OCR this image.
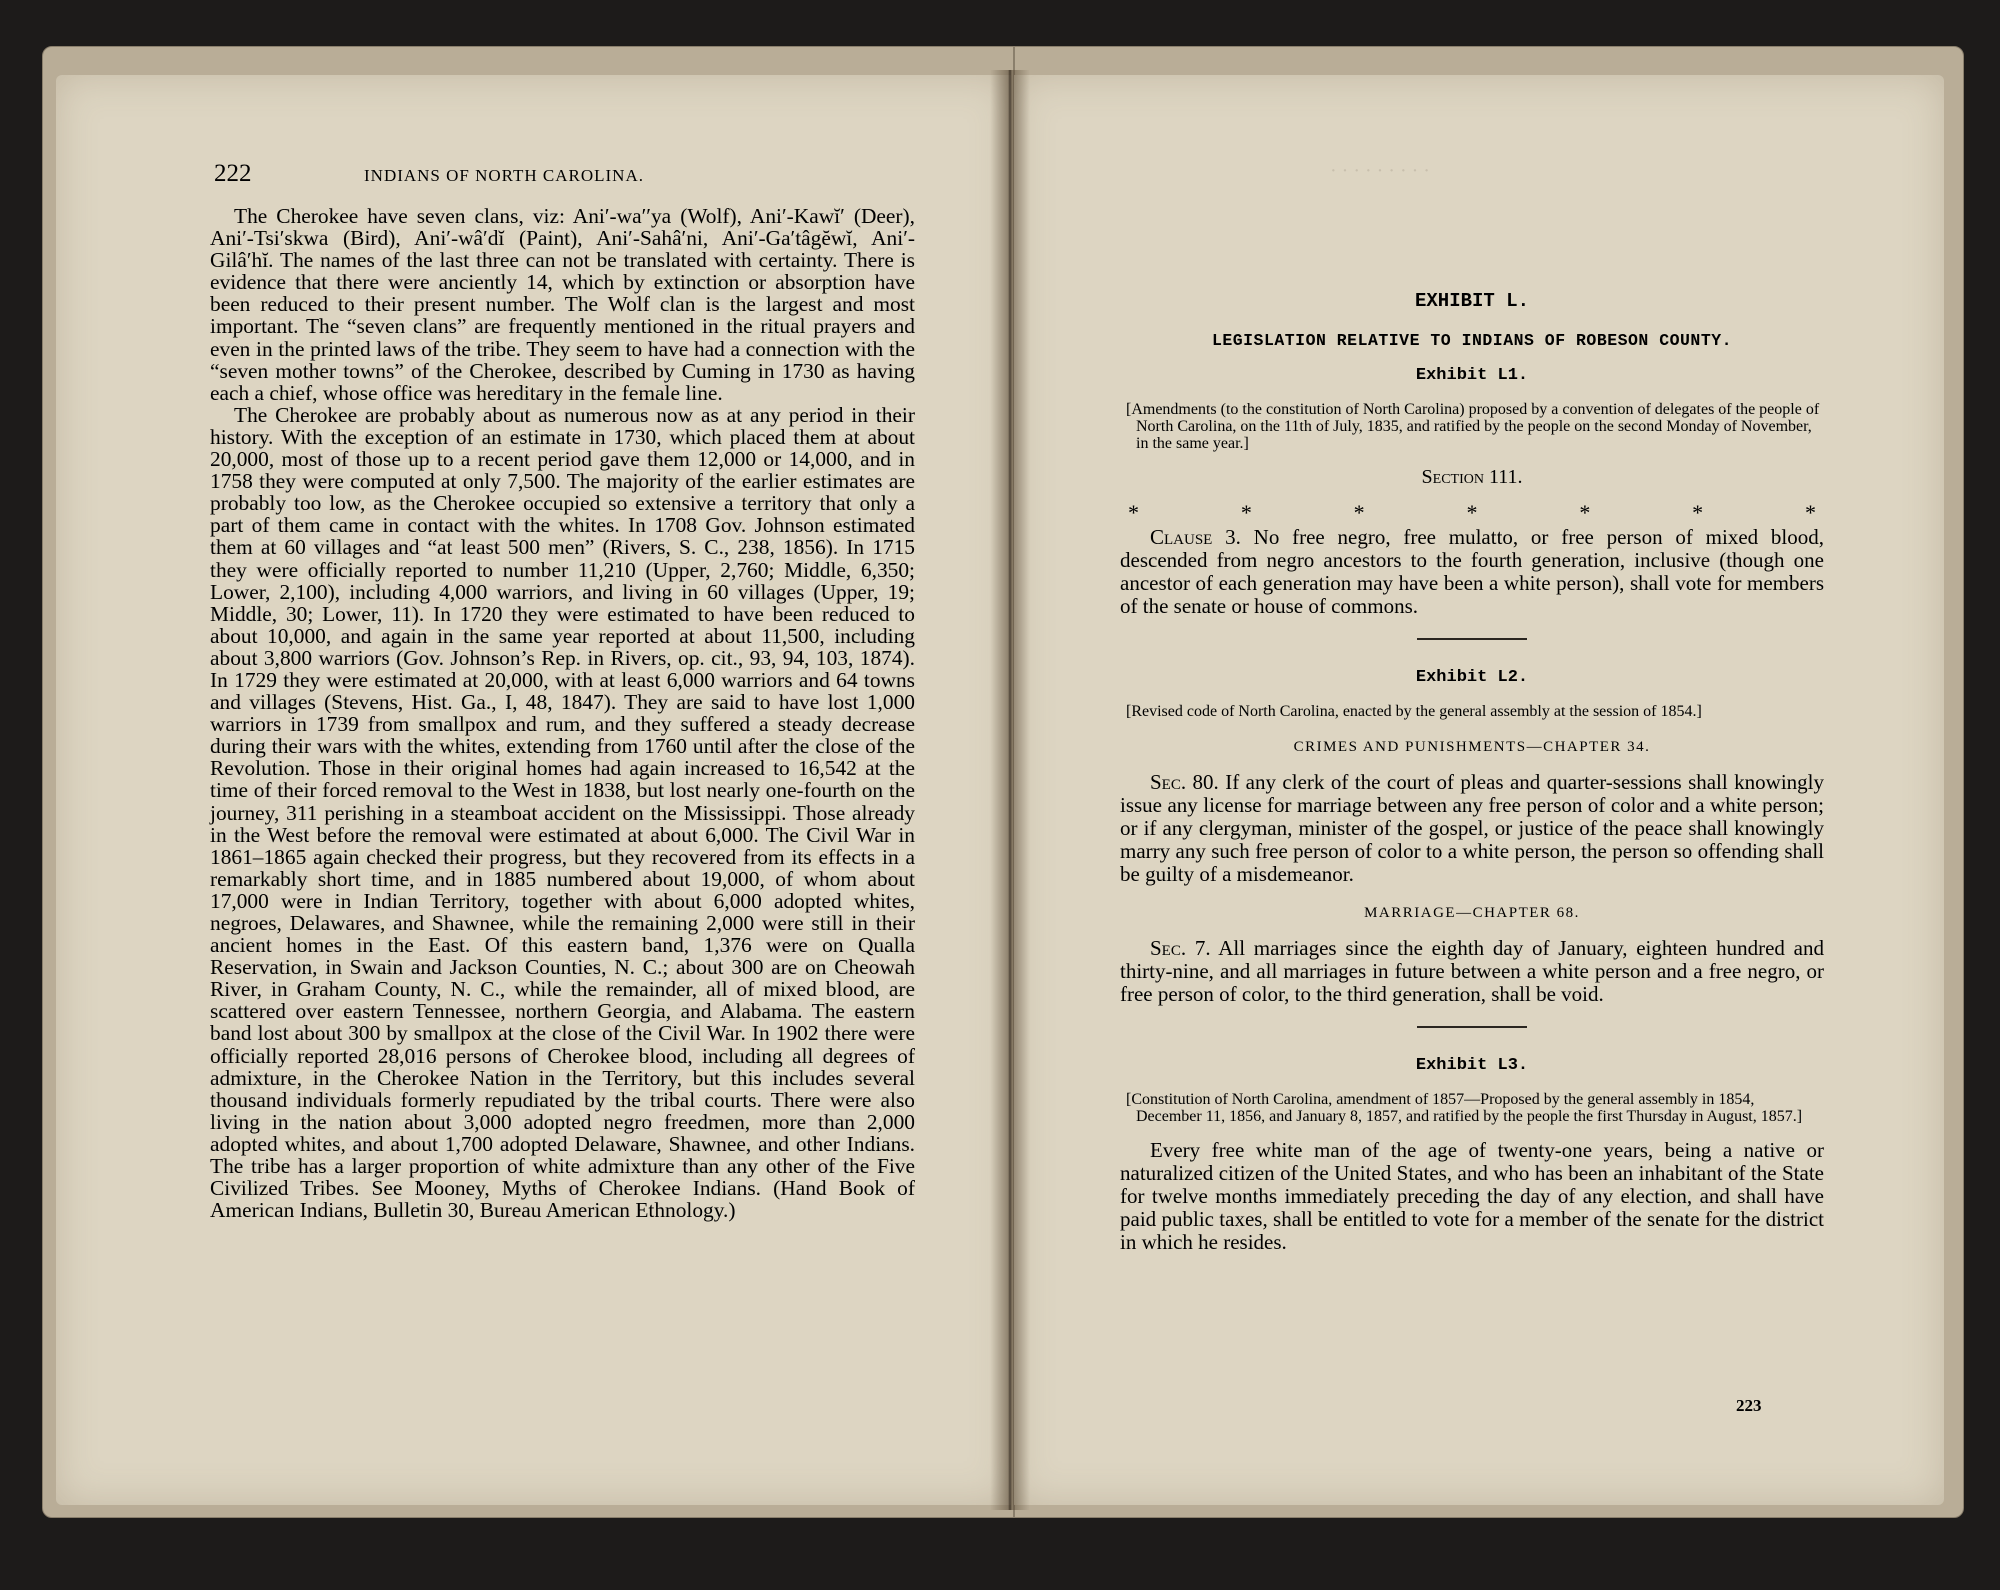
222	INDIANS OF NORTH CAROLINA.

The Cherokee have seven clans, viz: Ani′-wa′′ya (Wolf), Ani′-Kawĭ′ (Deer), Ani′-Tsi′skwa (Bird), Ani′-wâ′dĭ (Paint), Ani′-Sahâ′ni, Ani′-Ga′tâgĕwĭ, Ani′-Gilâ′hĭ. The names of the last three can not be translated with certainty. There is evidence that there were anciently 14, which by extinction or absorption have been reduced to their present number. The Wolf clan is the largest and most important. The “seven clans” are frequently mentioned in the ritual prayers and even in the printed laws of the tribe. They seem to have had a connection with the “seven mother towns” of the Cherokee, described by Cuming in 1730 as having each a chief, whose office was hereditary in the female line.

The Cherokee are probably about as numerous now as at any period in their history. With the exception of an estimate in 1730, which placed them at about 20,000, most of those up to a recent period gave them 12,000 or 14,000, and in 1758 they were computed at only 7,500. The majority of the earlier estimates are probably too low, as the Cherokee occupied so extensive a territory that only a part of them came in contact with the whites. In 1708 Gov. Johnson estimated them at 60 villages and “at least 500 men” (Rivers, S. C., 238, 1856). In 1715 they were officially reported to number 11,210 (Upper, 2,760; Middle, 6,350; Lower, 2,100), including 4,000 warriors, and living in 60 villages (Upper, 19; Middle, 30; Lower, 11). In 1720 they were estimated to have been reduced to about 10,000, and again in the same year reported at about 11,500, including about 3,800 warriors (Gov. Johnson’s Rep. in Rivers, op. cit., 93, 94, 103, 1874). In 1729 they were estimated at 20,000, with at least 6,000 warriors and 64 towns and villages (Stevens, Hist. Ga., I, 48, 1847). They are said to have lost 1,000 warriors in 1739 from smallpox and rum, and they suffered a steady decrease during their wars with the whites, extending from 1760 until after the close of the Revolution. Those in their original homes had again increased to 16,542 at the time of their forced removal to the West in 1838, but lost nearly one-fourth on the journey, 311 perishing in a steamboat accident on the Mississippi. Those already in the West before the removal were estimated at about 6,000. The Civil War in 1861–1865 again checked their progress, but they recovered from its effects in a remarkably short time, and in 1885 numbered about 19,000, of whom about 17,000 were in Indian Territory, together with about 6,000 adopted whites, negroes, Delawares, and Shawnee, while the remaining 2,000 were still in their ancient homes in the East. Of this eastern band, 1,376 were on Qualla Reservation, in Swain and Jackson Counties, N. C.; about 300 are on Cheowah River, in Graham County, N. C., while the remainder, all of mixed blood, are scattered over eastern Tennessee, northern Georgia, and Alabama. The eastern band lost about 300 by smallpox at the close of the Civil War. In 1902 there were officially reported 28,016 persons of Cherokee blood, including all degrees of admixture, in the Cherokee Nation in the Territory, but this includes several thousand individuals formerly repudiated by the tribal courts. There were also living in the nation about 3,000 adopted negro freedmen, more than 2,000 adopted whites, and about 1,700 adopted Delaware, Shawnee, and other Indians. The tribe has a larger proportion of white admixture than any other of the Five Civilized Tribes. See Mooney, Myths of Cherokee Indians. (Hand Book of American Indians, Bulletin 30, Bureau American Ethnology.)

· · · · · · · · ·
EXHIBIT L.
LEGISLATION RELATIVE TO INDIANS OF ROBESON COUNTY.
Exhibit L1.
[Amendments (to the constitution of North Carolina) proposed by a convention of delegates of the people of North Carolina, on the 11th of July, 1835, and ratified by the people on the second Monday of November, in the same year.]
Section 111.
*	*	*	*	*	*	*

Clause 3. No free negro, free mulatto, or free person of mixed blood, descended from negro ancestors to the fourth generation, inclusive (though one ancestor of each generation may have been a white person), shall vote for members of the senate or house of commons.

Exhibit L2.
[Revised code of North Carolina, enacted by the general assembly at the session of 1854.]
CRIMES AND PUNISHMENTS—CHAPTER 34.

Sec. 80. If any clerk of the court of pleas and quarter-sessions shall knowingly issue any license for marriage between any free person of color and a white person; or if any clergyman, minister of the gospel, or justice of the peace shall knowingly marry any such free person of color to a white person, the person so offending shall be guilty of a misdemeanor.

MARRIAGE—CHAPTER 68.

Sec. 7. All marriages since the eighth day of January, eighteen hundred and thirty-nine, and all marriages in future between a white person and a free negro, or free person of color, to the third generation, shall be void.

Exhibit L3.
[Constitution of North Carolina, amendment of 1857—Proposed by the general assembly in 1854, December 11, 1856, and January 8, 1857, and ratified by the people the first Thursday in August, 1857.]

Every free white man of the age of twenty-one years, being a native or naturalized citizen of the United States, and who has been an inhabitant of the State for twelve months immediately preceding the day of any election, and shall have paid public taxes, shall be entitled to vote for a member of the senate for the district in which he resides.

223
